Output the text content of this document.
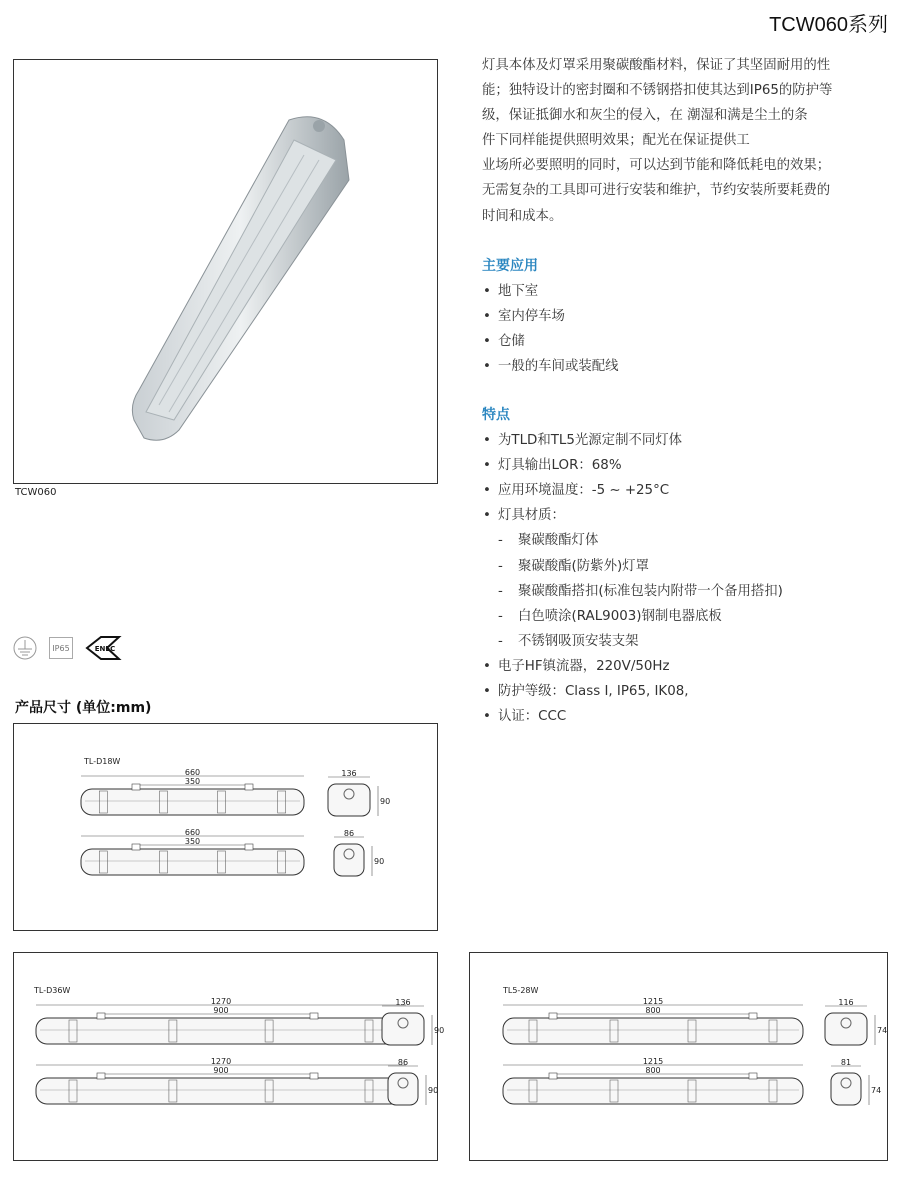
TCW060系列
TCW060
灯具本体及灯罩采用聚碳酸酯材料，保证了其坚固耐用的性
能；独特设计的密封圈和不锈钢搭扣使其达到IP65的防护等
级，保证抵御水和灰尘的侵入，在 潮湿和满是尘土的条
件下同样能提供照明效果；配光在保证提供工
业场所必要照明的同时，可以达到节能和降低耗电的效果；
无需复杂的工具即可进行安装和维护，节约安装所要耗费的
时间和成本。
主要应用
• 地下室
• 室内停车场
• 仓储
• 一般的车间或装配线
特点
• 为TLD和TL5光源定制不同灯体
• 灯具输出LOR：68%
• 应用环境温度：-5 ~ +25°C
• 灯具材质：
- 聚碳酸酯灯体
- 聚碳酸酯(防紫外)灯罩
- 聚碳酸酯搭扣(标准包装内附带一个备用搭扣)
- 白色喷涂(RAL9003)钢制电器底板
- 不锈钢吸顶安装支架
• 电子HF镇流器，220V/50Hz
• 防护等级：Class I, IP65, IK08,
• 认证：CCC
IP65	ENEC
产品尺寸 (单位:mm)
TL-D18W
660
350
136
90
660
350
86
90
TL-D36W
1270
900
136
90
1270
900
86
90
TL5-28W
1215
800
116
74
1215
800
81
74
